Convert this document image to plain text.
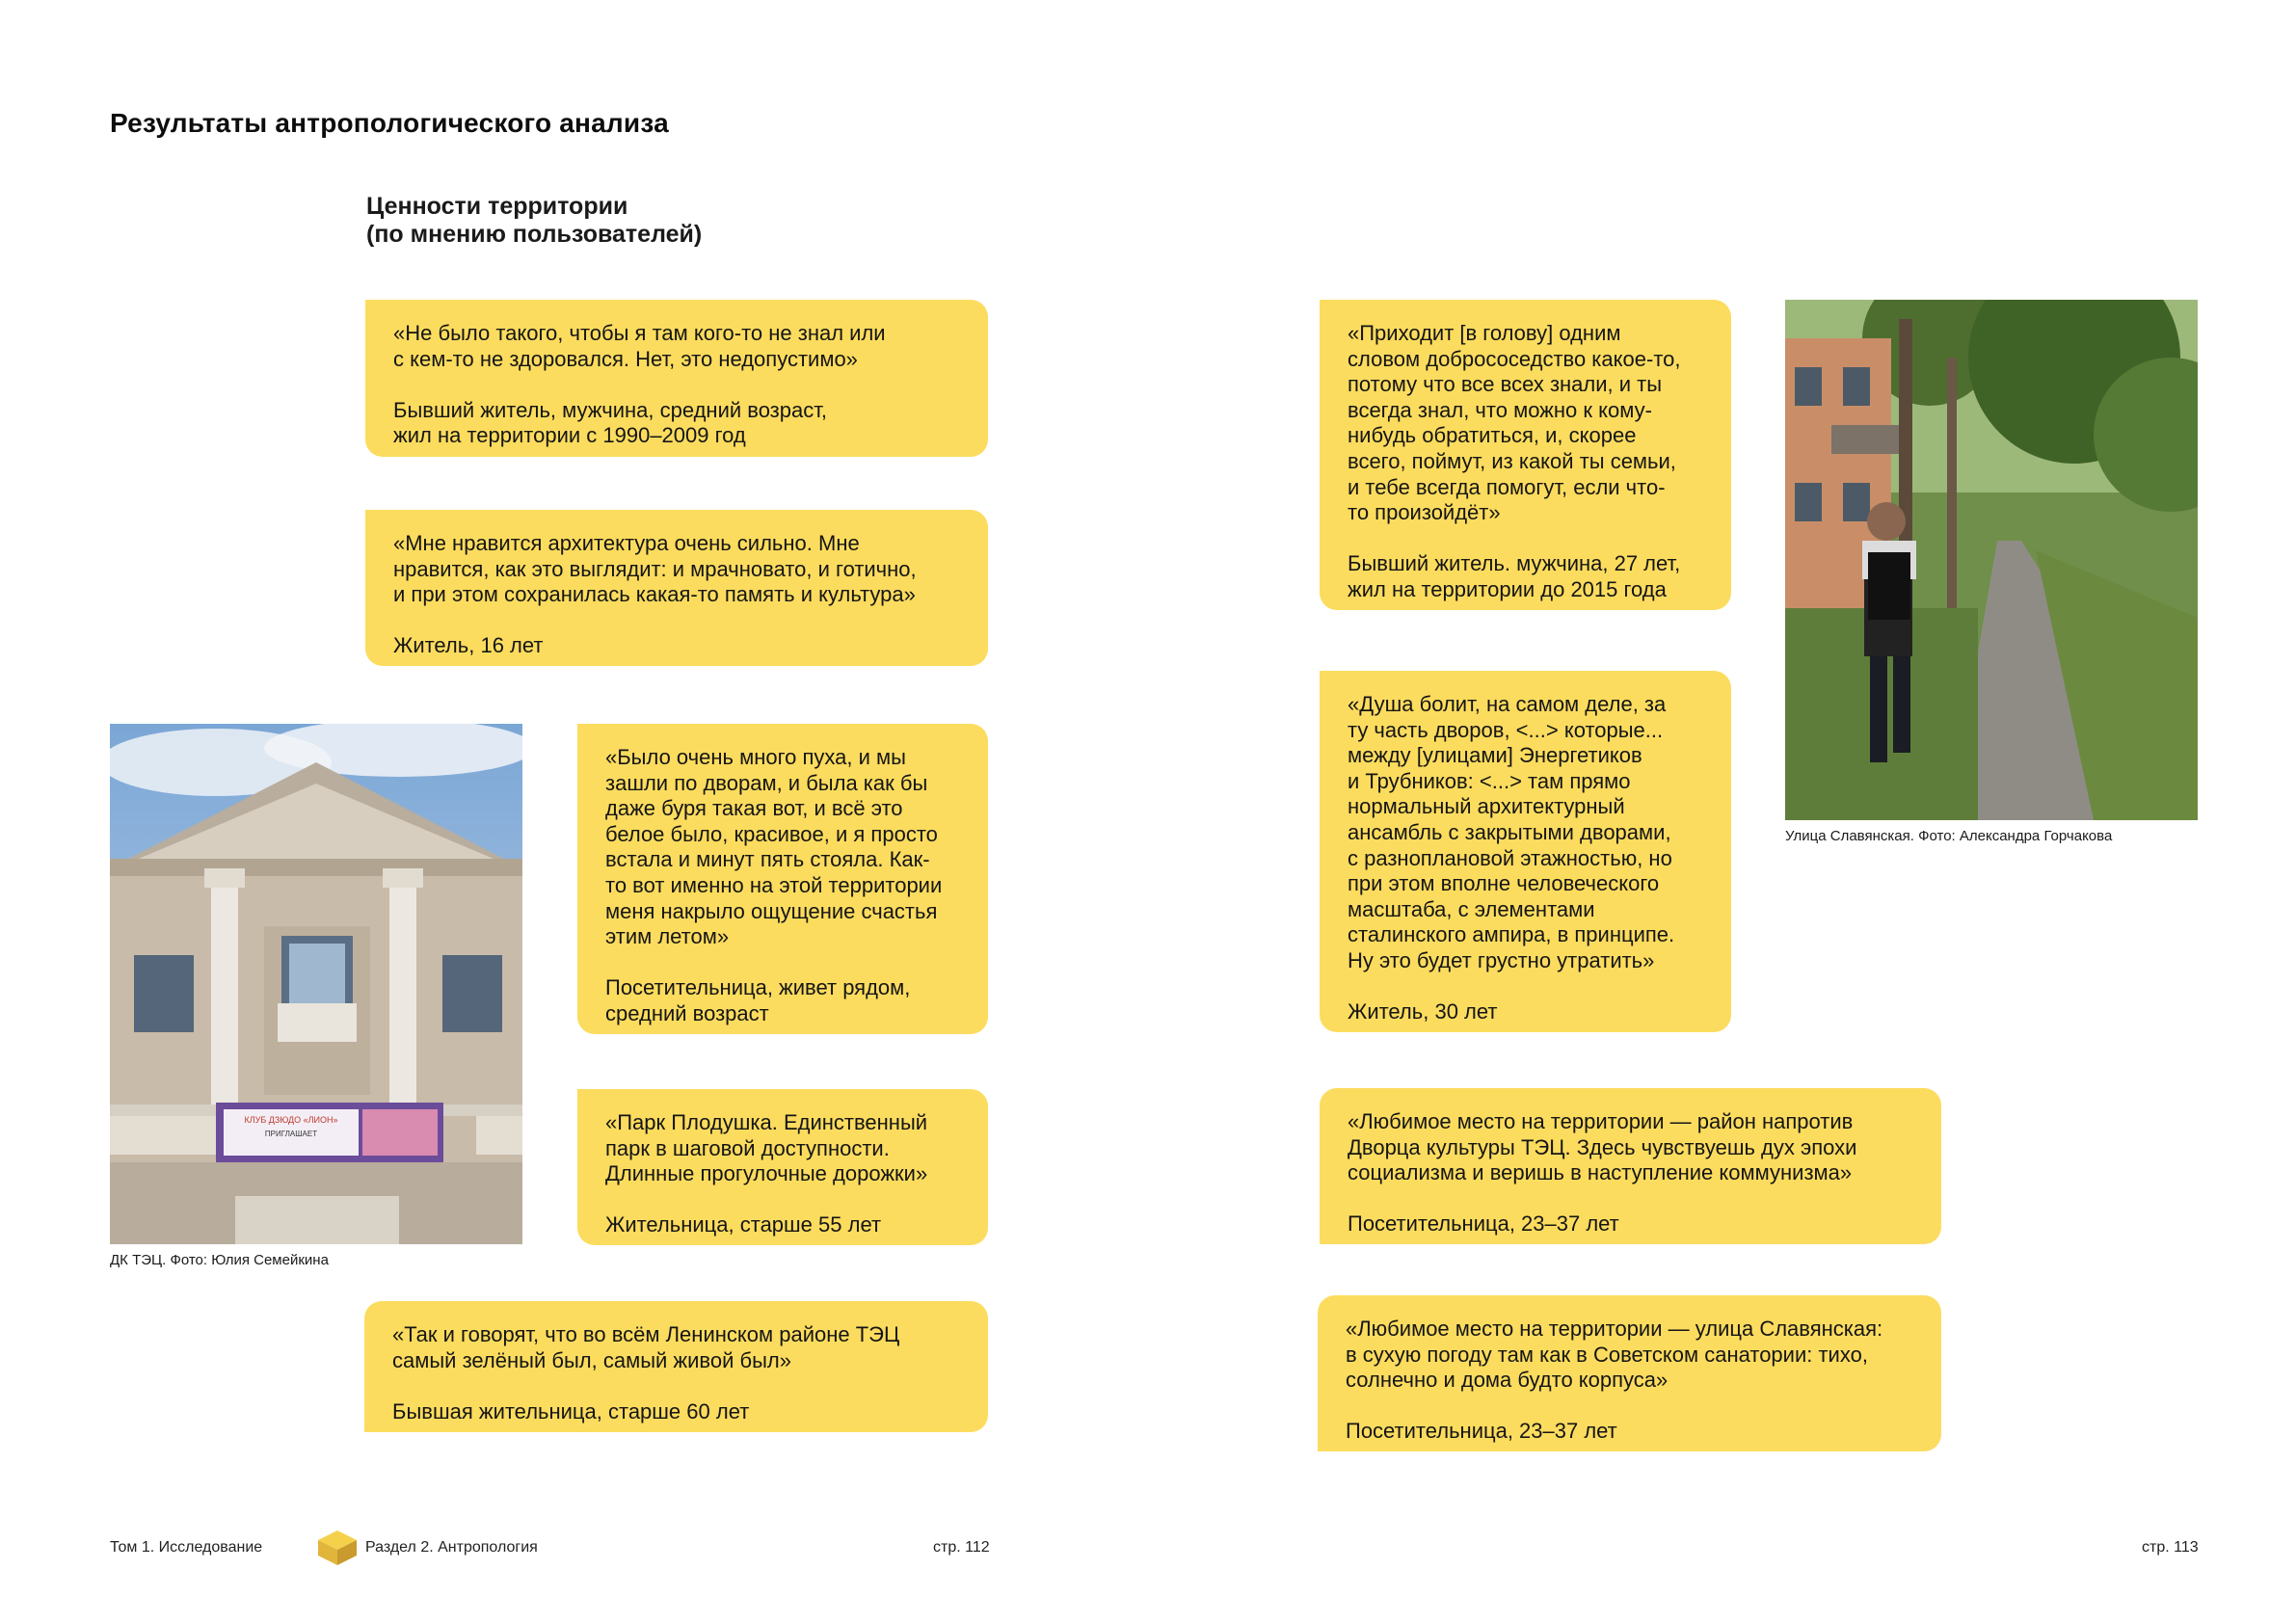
Результаты антропологического анализа
Ценности территории
(по мнению пользователей)
«Не было такого, чтобы я там кого-то не знал или
с кем-то не здоровался. Нет, это недопустимо»
Бывший житель, мужчина, средний возраст,
жил на территории с 1990–2009 год
«Мне нравится архитектура очень сильно. Мне
нравится, как это выглядит: и мрачновато, и готично,
и при этом сохранилась какая-то память и культура»
Житель, 16 лет
«Было очень много пуха, и мы
зашли по дворам, и была как бы
даже буря такая вот, и всё это
белое было, красивое, и я просто
встала и минут пять стояла. Как-
то вот именно на этой территории
меня накрыло ощущение счастья
этим летом»
Посетительница, живет рядом,
средний возраст
«Парк Плодушка. Единственный
парк в шаговой доступности.
Длинные прогулочные дорожки»
Жительница, старше 55 лет
«Так и говорят, что во всём Ленинском районе ТЭЦ
самый зелёный был, самый живой был»
Бывшая жительница, старше 60 лет
«Приходит [в голову] одним
словом добрососедство какое-то,
потому что все всех знали, и ты
всегда знал, что можно к кому-
нибудь обратиться, и, скорее
всего, поймут, из какой ты семьи,
и тебе всегда помогут, если что-
то произойдёт»
Бывший житель. мужчина, 27 лет,
жил на территории до 2015 года
«Душа болит, на самом деле, за
ту часть дворов, <...> которые...
между [улицами] Энергетиков
и Трубников: <...> там прямо
нормальный архитектурный
ансамбль с закрытыми дворами,
с разноплановой этажностью, но
при этом вполне человеческого
масштаба, с элементами
сталинского ампира, в принципе.
Ну это будет грустно утратить»
Житель, 30 лет
«Любимое место на территории — район напротив
Дворца культуры ТЭЦ. Здесь чувствуешь дух эпохи
социализма и веришь в наступление коммунизма»
Посетительница, 23–37 лет
«Любимое место на территории — улица Славянская:
в сухую погоду там как в Советском санатории: тихо,
солнечно и дома будто корпуса»
Посетительница, 23–37 лет
КЛУБ ДЗЮДО «ЛИОН»
ПРИГЛАШАЕТ
ДК ТЭЦ. Фото: Юлия Семейкина
Улица Славянская. Фото: Александра Горчакова
Том 1. Исследование	Раздел 2. Антропология	стр. 112	стр. 113
